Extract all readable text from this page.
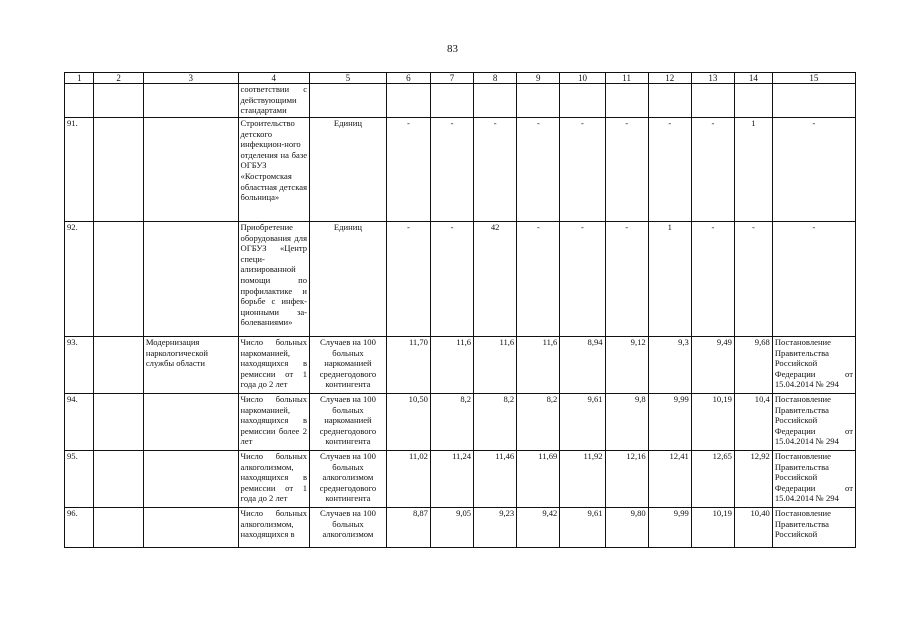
83
1	2	3	4	5	6	7	8	9	10	11	12	13	14	15
			соответствии с действующими стандартами											
91.			Строительство детского инфекцион-ного отделения на базе ОГБУЗ «Костромская областная детская больница»	Единиц	-	-	-	-	-	-	-	-	1	-
92.			Приобретение оборудования для ОГБУЗ «Центр специ-ализированной помощи по профилактике и борьбе с инфек-ционными за-болеваниями»	Единиц	-	-	42	-	-	-	1	-	-	-
93.		Модернизация наркологической службы области	Число больных наркоманией, находящихся в ремиссии от 1 года до 2 лет	Случаев на 100 больных наркоманией среднегодового контингента	11,70	11,6	11,6	11,6	8,94	9,12	9,3	9,49	9,68	Постановление Правительства Российской Федерации от 15.04.2014 № 294
94.			Число больных наркоманией, находящихся в ремиссии более 2 лет	Случаев на 100 больных наркоманией среднегодового контингента	10,50	8,2	8,2	8,2	9,61	9,8	9,99	10,19	10,4	Постановление Правительства Российской Федерации от 15.04.2014 № 294
95.			Число больных алкоголизмом, находящихся в ремиссии от 1 года до 2 лет	Случаев на 100 больных алкоголизмом среднегодового контингента	11,02	11,24	11,46	11,69	11,92	12,16	12,41	12,65	12,92	Постановление Правительства Российской Федерации от 15.04.2014 № 294
96.			Число больных алкоголизмом, находящихся в	Случаев на 100 больных алкоголизмом	8,87	9,05	9,23	9,42	9,61	9,80	9,99	10,19	10,40	Постановление Правительства Российской
